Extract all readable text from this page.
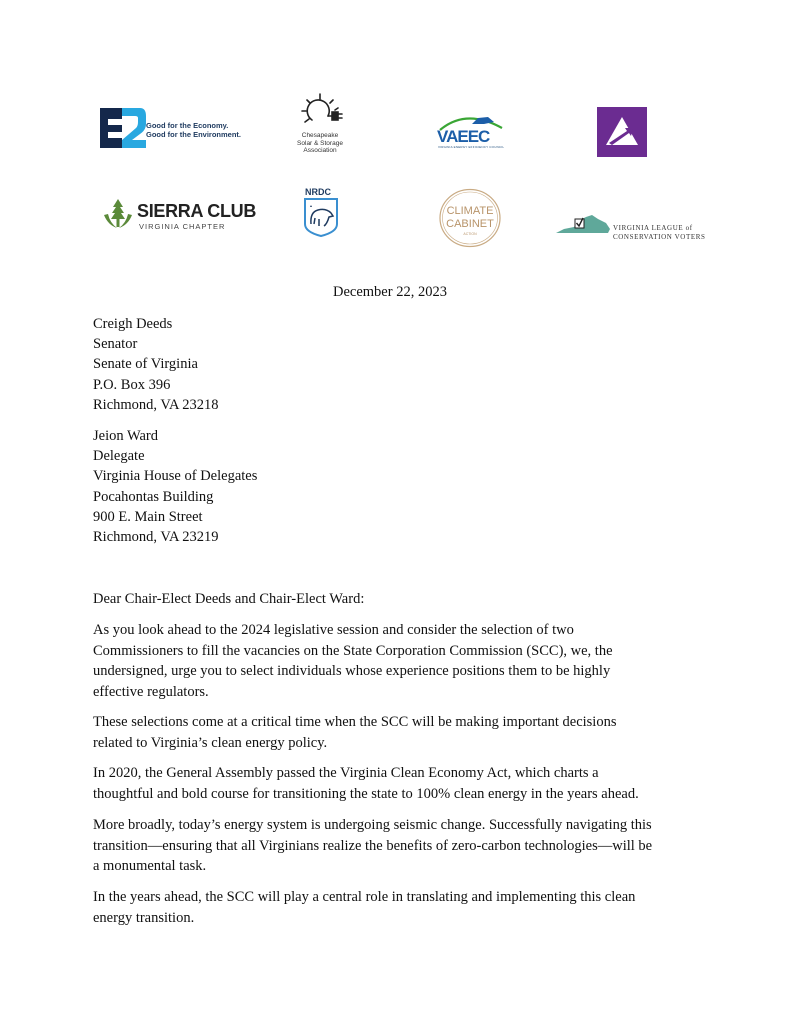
Good for the Economy.
Good for the Environment.	Chesapeake
Solar & Storage
Association
VAEEC
VIRGINIA ENERGY EFFICIENCY COUNCIL
SIERRA CLUB
VIRGINIA CHAPTER
NRDC
CLIMATE
CABINET
ACTION
VIRGINIA LEAGUE of
CONSERVATION VOTERS
December 22, 2023
Creigh Deeds
Senator
Senate of Virginia
P.O. Box 396
Richmond, VA 23218
Jeion Ward
Delegate
Virginia House of Delegates
Pocahontas Building
900 E. Main Street
Richmond, VA 23219
Dear Chair-Elect Deeds and Chair-Elect Ward:
As you look ahead to the 2024 legislative session and consider the selection of two
Commissioners to fill the vacancies on the State Corporation Commission (SCC), we, the
undersigned, urge you to select individuals whose experience positions them to be highly
effective regulators.
These selections come at a critical time when the SCC will be making important decisions
related to Virginia’s clean energy policy.
In 2020, the General Assembly passed the Virginia Clean Economy Act, which charts a
thoughtful and bold course for transitioning the state to 100% clean energy in the years ahead.
More broadly, today’s energy system is undergoing seismic change. Successfully navigating this
transition—ensuring that all Virginians realize the benefits of zero-carbon technologies—will be
a monumental task.
In the years ahead, the SCC will play a central role in translating and implementing this clean
energy transition.
